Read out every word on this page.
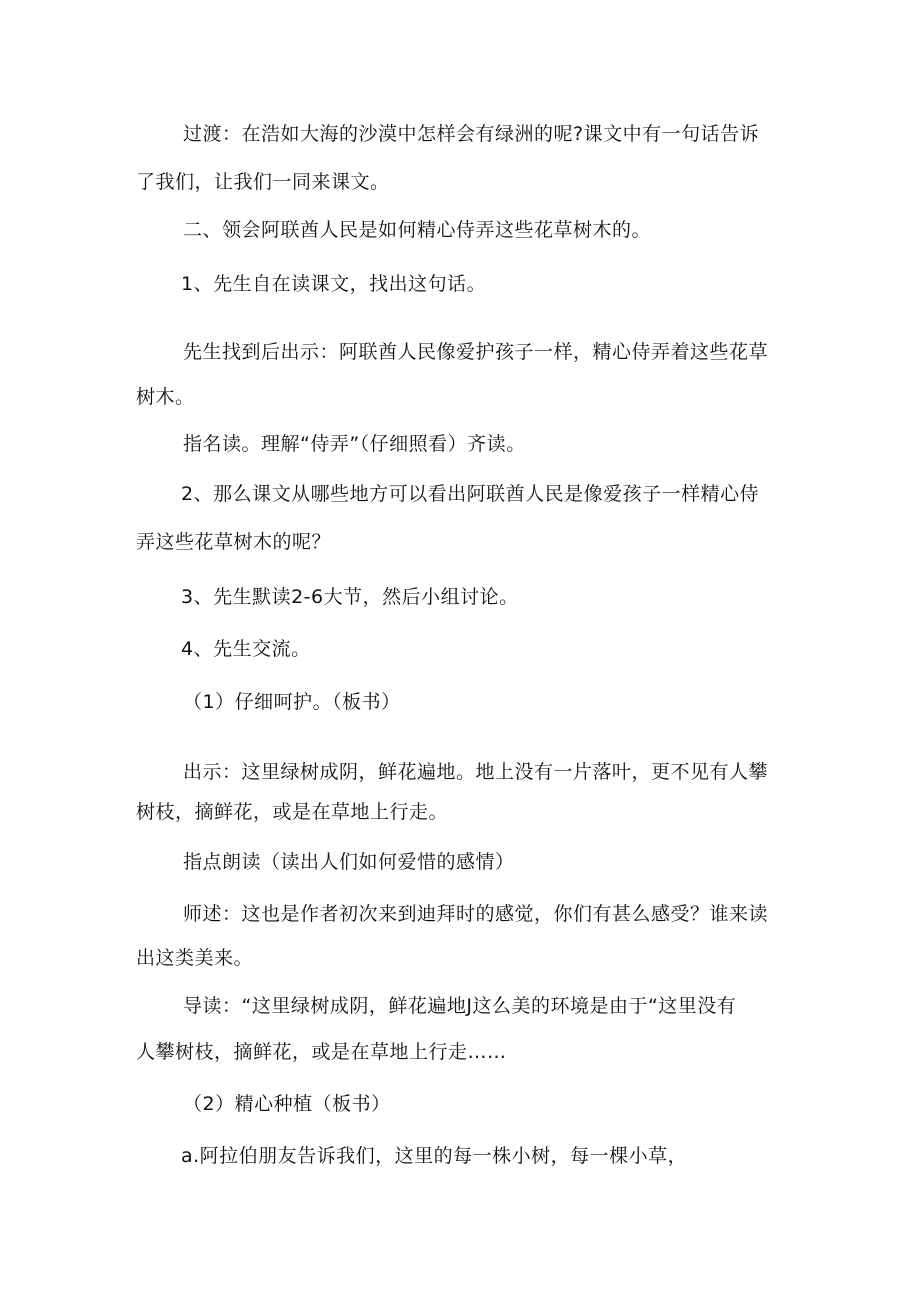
过渡：在浩如大海的沙漠中怎样会有绿洲的呢?课文中有一句话告诉
了我们，让我们一同来课文。
二、领会阿联酋人民是如何精心侍弄这些花草树木的。
1、先生自在读课文，找出这句话。
先生找到后出示：阿联酋人民像爱护孩子一样，精心侍弄着这些花草
树木。
指名读。理解“侍弄”（仔细照看）齐读。
2、那么课文从哪些地方可以看出阿联酋人民是像爱孩子一样精心侍
弄这些花草树木的呢？
3、先生默读2-6大节，然后小组讨论。
4、先生交流。
（1）仔细呵护。（板书）
出示：这里绿树成阴，鲜花遍地。地上没有一片落叶，更不见有人攀
树枝，摘鲜花，或是在草地上行走。
指点朗读（读出人们如何爱惜的感情）
师述：这也是作者初次来到迪拜时的感觉，你们有甚么感受？谁来读
出这类美来。
导读：“这里绿树成阴，鲜花遍地J这么美的环境是由于“这里没有
人攀树枝，摘鲜花，或是在草地上行走……
（2）精心种植（板书）
a.阿拉伯朋友告诉我们，这里的每一株小树，每一棵小草，
